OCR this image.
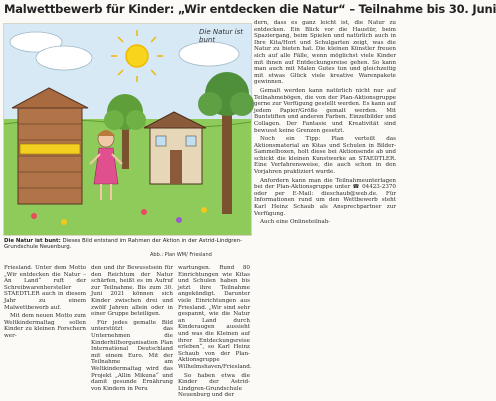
Malwettbewerb für Kinder: „Wir entdecken die Natur“ – Teilnahme bis 30. Juni
Die Natur ist bunt
Die Natur ist bunt: Dieses Bild entstand im Rahmen der Aktion in der Astrid-Lindgren-Grundschule Neuenburg.
Abb.: Plan WM/ Friesland

dern, dass es ganz leicht ist, die Natur zu entdecken. Ein Blick vor die Haustür, beim Spaziergang, beim Spielen und natürlich auch in Ihre Kita/Hort und Schulgarten zeigt, was die Natur zu bieten hat. Die kleinen Künstler freuen sich auf alle Fälle, wenn möglichst viele Kinder mit ihnen auf Entdeckungsreise gehen. So kann man auch mit Malen Gutes tun und gleichzeitig mit etwas Glück viele kreative Warenpakete gewinnen.

Gemalt werden kann natürlich nicht nur auf Teilnahmebögen, die von der Plan-Aktionsgruppe gerne zur Verfügung gestellt werden. Es kann auf jedem Papier/Größe gemalt werden. Mit Buntstiften und anderen Farben. Einzelbilder und Collagen. Der Fantasie und Kreativität sind bewusst keine Grenzen gesetzt.

Noch ein Tipp: Plan verteilt das Aktionsmaterial an Kitas und Schulen in Bilder-Sammelboxen, holt diese bei Aktionsende ab und schickt die kleinen Kunstwerke an STAEDTLER. Eine Verfahrensweise, die auch schon in den Vorjahren praktiziert wurde.

Anfordern kann man die Teilnahmeunterlagen bei der Plan-Aktionsgruppe unter ☎ 04423-2370 oder per E-Mail: dieschaub@web.de. Für Informationen rund um den Wettbewerb steht Karl Heinz Schaub als Ansprechpartner zur Verfügung.

Auch eine Onlineteilnah-

Friesland. Unter dem Motto „Wir entdecken die Natur – An Land“ ruft der Schreibwarenhersteller STAEDTLER auch in diesem Jahr zu einem Malwettbewerb auf.

Mit dem neuen Motto zum Weltkindermaltag sollen Kinder zu kleinen Forschern wer-

den und ihr Bewusstsein für den Reichtum der Natur schärfen, heißt es im Aufruf zur Teilnahme. Bis zum 30. Juni 2021 können sich Kinder zwischen drei und zwölf Jahren allein oder in einer Gruppe beteiligen.

Für jedes gemalte Bild unterstützt das Unternehmen die Kinderhilfsorganisation Plan International Deutschland mit einem Euro. Mit der Teilnahme am Weltkindermaltag wird das Projekt „Allin Mikuna“ und damit gesunde Ernährung von Kindern in Peru

wartungen. Rund 80 Einrichtungen wie Kitas und Schulen haben bis jetzt ihre Teilnahme angekündigt. Darunter viele Einrichtungen aus Friesland. „Wir sind sehr gespannt, wie die Natur an Land durch Kinderaugen aussieht und was die Kleinen auf ihrer Entdeckungsreise erleben“, so Karl Heinz Schaub von der Plan-Aktionsgruppe Wilhelmshaven/Friesland.

So haben etwa die Kinder der Astrid-Lindgren-Grundschule Neuenburg und der
